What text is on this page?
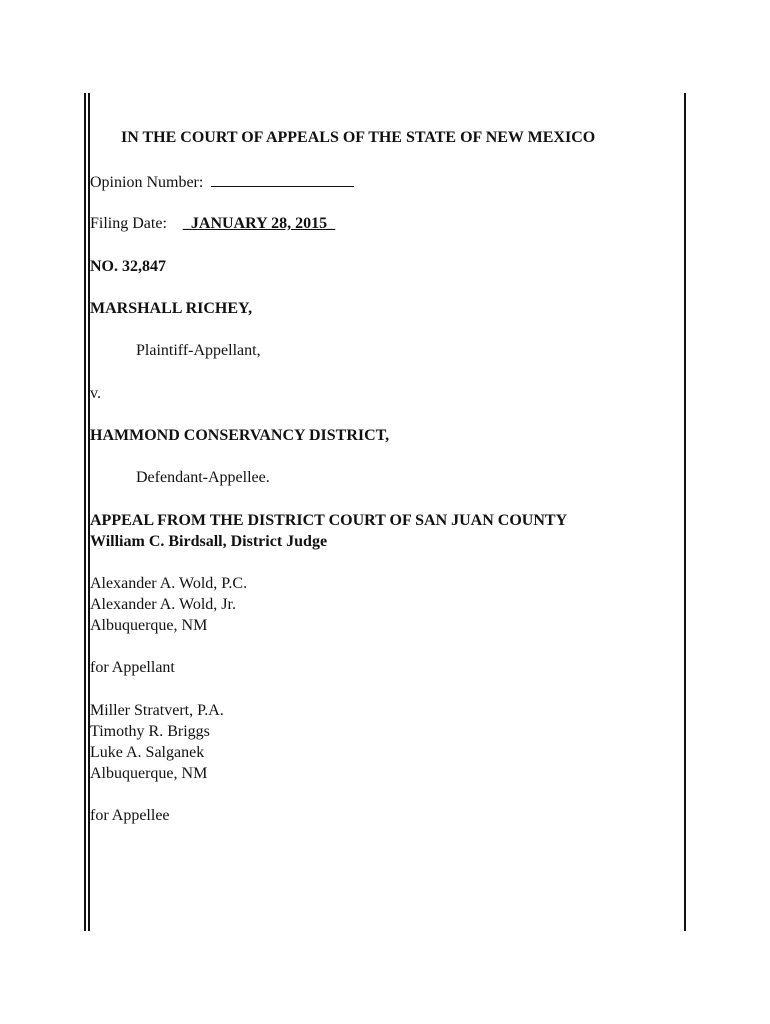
IN THE COURT OF APPEALS OF THE STATE OF NEW MEXICO
Opinion Number:
Filing Date: _JANUARY 28, 2015_
NO. 32,847
MARSHALL RICHEY,
Plaintiff-Appellant,
v.
HAMMOND CONSERVANCY DISTRICT,
Defendant-Appellee.
APPEAL FROM THE DISTRICT COURT OF SAN JUAN COUNTY
William C. Birdsall, District Judge
Alexander A. Wold, P.C.
Alexander A. Wold, Jr.
Albuquerque, NM
for Appellant
Miller Stratvert, P.A.
Timothy R. Briggs
Luke A. Salganek
Albuquerque, NM
for Appellee
